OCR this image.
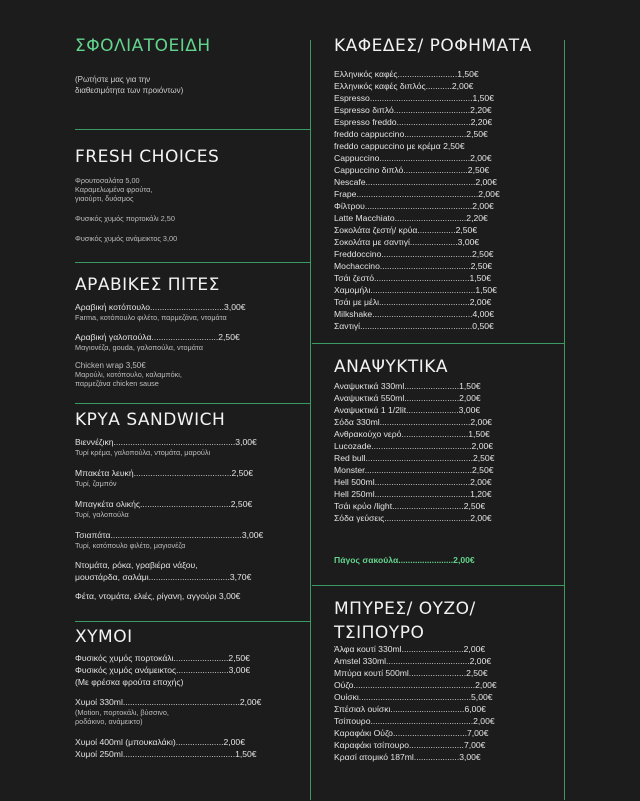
ΣΦΟΛΙΑΤΟΕΙΔΗ
(Ρωτήστε μας για την
διαθεσιμότητα των προιόντων)
FRESH CHOICES
Φρουτοσαλάτα 5,00
Καραμελωμένα φρούτα,
γιαούρτι, δυόσμος
Φυσικός χυμός πορτοκάλι 2,50
Φυσικός χυμός ανάμεικτος 3,00
ΑΡΑΒΙΚΕΣ ΠΙΤΕΣ
Αραβική κοτόπουλο...............................3,00€
Farma, κοτόπουλο φιλέτο, παρμεζάνα, ντομάτα
Αραβική γαλοπούλα............................2,50€
Μαγιονέζα, gouda, γαλοπούλα, ντομάτα
Chicken wrap 3,50€
Μαρούλι, κοτόπουλο, καλαμπόκι,
παρμεζάνα chicken sause
ΚΡΥΑ SANDWICH
Βιεννέζικη...................................................3,00€
Τυρί κρέμα, γαλοπούλα, ντομάτα, μαρούλι
Μπακέτα λευκή.........................................2,50€
Τυρί, ζαμπόν
Μπαγκέτα ολικής......................................2,50€
Τυρί, γαλοπούλα
Τσιαπάτα.......................................................3,00€
Τυρί, κοτόπουλο φιλέτο, μαγιονέζα
Ντομάτα, ρόκα, γραβιέρα νάξου,
μουστάρδα, σαλάμι..................................3,70€
Φέτα, ντομάτα, ελιές, ρίγανη, αγγούρι 3,00€
ΧΥΜΟΙ
Φυσικός χυμός πορτοκάλι.......................2,50€
Φυσικός χυμός ανάμεικτος......................3,00€
(Με φρέσκα φρούτα εποχής)
Χυμοί 330ml.................................................2,00€
(Motion, πορτοκάλι, βύσσινο,
ροδάκινο, ανάμεικτο)
Χυμοί 400ml (μπουκαλάκι)....................2,00€
Χυμοί 250ml...............................................1,50€
ΚΑΦΕΔΕΣ/ ΡΟΦΗΜΑΤΑ
Ελληνικός καφές.........................1,50€
Ελληνικός καφές διπλός...........2,00€
Espresso...........................................1,50€
Espresso διπλό................................2,20€
Espresso freddo...............................2,20€
freddo cappuccino..........................2,50€
freddo cappuccino με κρέμα 2,50€
Cappuccino......................................2,00€
Cappuccino διπλό...........................2,50€
Nescafe..............................................2,00€
Frape...................................................2,00€
Φίλτρου.............................................2,00€
Latte Macchiato..............................2,20€
Σοκολάτα ζεστή/ κρύα................2,50€
Σοκολάτα με σαντιγί....................3,00€
Freddoccino......................................2,50€
Mochaccino......................................2,50€
Τσάι ζεστό........................................1,50€
Χαμομήλι............................................1,50€
Τσάι με μέλι......................................2,00€
Milkshake..........................................4,00€
Σαντιγί...............................................0,50€
ΑΝΑΨΥΚΤΙΚΑ
Αναψυκτικά 330ml.......................1,50€
Αναψυκτικά 550ml.......................2,00€
Αναψυκτικά 1 1/2lit......................3,00€
Σόδα 330ml......................................2,00€
Ανθρακούχο νερό............................1,50€
Lucozade..........................................2,00€
Red bull.............................................2,50€
Monster.............................................2,50€
Hell 500ml........................................2,00€
Hell 250ml........................................1,20€
Τσάι κρύο /light..............................2,50€
Σόδα γεύσεις....................................2,00€
Πάγος σακούλα.......................2,00€
ΜΠΥΡΕΣ/ ΟΥΖΟ/
ΤΣΙΠΟΥΡΟ
Άλφα κουτί 330ml..........................2,00€
Amstel 330ml...................................2,00€
Μπύρα κουτί 500ml........................2,50€
Ούζο...................................................2,00€
Ουίσκι...............................................5,00€
Σπέσιαλ ουίσκι...............................6,00€
Τσίπουρο...........................................2,00€
Καραφάκι Ούζο...............................7,00€
Καραφάκι τσίπουρο.......................7,00€
Κρασί ατομικό 187ml...................3,00€
